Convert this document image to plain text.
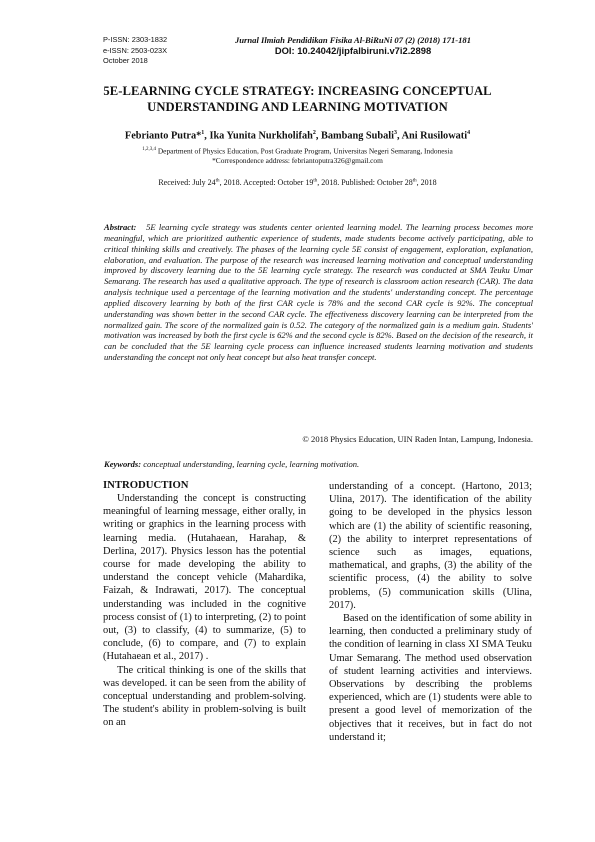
P-ISSN: 2303-1832
e-ISSN: 2503-023X
October 2018
Jurnal Ilmiah Pendidikan Fisika Al-BiRuNi 07 (2) (2018) 171-181
DOI: 10.24042/jipfalbiruni.v7i2.2898
5E-LEARNING CYCLE STRATEGY: INCREASING CONCEPTUAL
UNDERSTANDING AND LEARNING MOTIVATION
Febrianto Putra*$^1$, Ika Yunita Nurkholifah$^2$, Bambang Subali$^3$, Ani Rusilowati$^4$
$^{1,2,3,4}$ Department of Physics Education, Post Graduate Program, Universitas Negeri Semarang, Indonesia
*Correspondence address: febriantoputra326@gmail.com
Received: July 24th, 2018. Accepted: October 19th, 2018. Published: October 28th, 2018
Abstract: 5E learning cycle strategy was students center oriented learning model. The learning process becomes more meaningful, which are prioritized authentic experience of students, made students become actively participating, able to critical thinking skills and creatively. The phases of the learning cycle 5E consist of engagement, exploration, explanation, elaboration, and evaluation. The purpose of the research was increased learning motivation and conceptual understanding improved by discovery learning due to the 5E learning cycle strategy. The research was conducted at SMA Teuku Umar Semarang. The research has used a qualitative approach. The type of research is classroom action research (CAR). The data analysis technique used a percentage of the learning motivation and the students' understanding concept. The percentage applied discovery learning by both of the first CAR cycle is 78% and the second CAR cycle is 92%. The conceptual understanding was shown better in the second CAR cycle. The effectiveness discovery learning can be interpreted from the normalized gain. The score of the normalized gain is 0.52. The category of the normalized gain is a medium gain. Students' motivation was increased by both the first cycle is 62% and the second cycle is 82%. Based on the decision of the research, it can be concluded that the 5E learning cycle process can influence increased students learning motivation and students understanding the concept not only heat concept but also heat transfer concept.
© 2018 Physics Education, UIN Raden Intan, Lampung, Indonesia.
Keywords: conceptual understanding, learning cycle, learning motivation.
INTRODUCTION

Understanding the concept is constructing meaningful of learning message, either orally, in writing or graphics in the learning process with learning media. (Hutahaean, Harahap, & Derlina, 2017). Physics lesson has the potential course for made developing the ability to understand the concept vehicle (Mahardika, Faizah, & Indrawati, 2017). The conceptual understanding was included in the cognitive process consist of (1) to interpreting, (2) to point out, (3) to classify, (4) to summarize, (5) to conclude, (6) to compare, and (7) to explain (Hutahaean et al., 2017) .

The critical thinking is one of the skills that was developed. it can be seen from the ability of conceptual understanding and problem-solving. The student's ability in problem-solving is built on an

understanding of a concept. (Hartono, 2013; Ulina, 2017). The identification of the ability going to be developed in the physics lesson which are (1) the ability of scientific reasoning, (2) the ability to interpret representations of science such as images, equations, mathematical, and graphs, (3) the ability of the scientific process, (4) the ability to solve problems, (5) communication skills (Ulina, 2017).

Based on the identification of some ability in learning, then conducted a preliminary study of the condition of learning in class XI SMA Teuku Umar Semarang. The method used observation of student learning activities and interviews. Observations by describing the problems experienced, which are (1) students were able to present a good level of memorization of the objectives that it receives, but in fact do not understand it;
